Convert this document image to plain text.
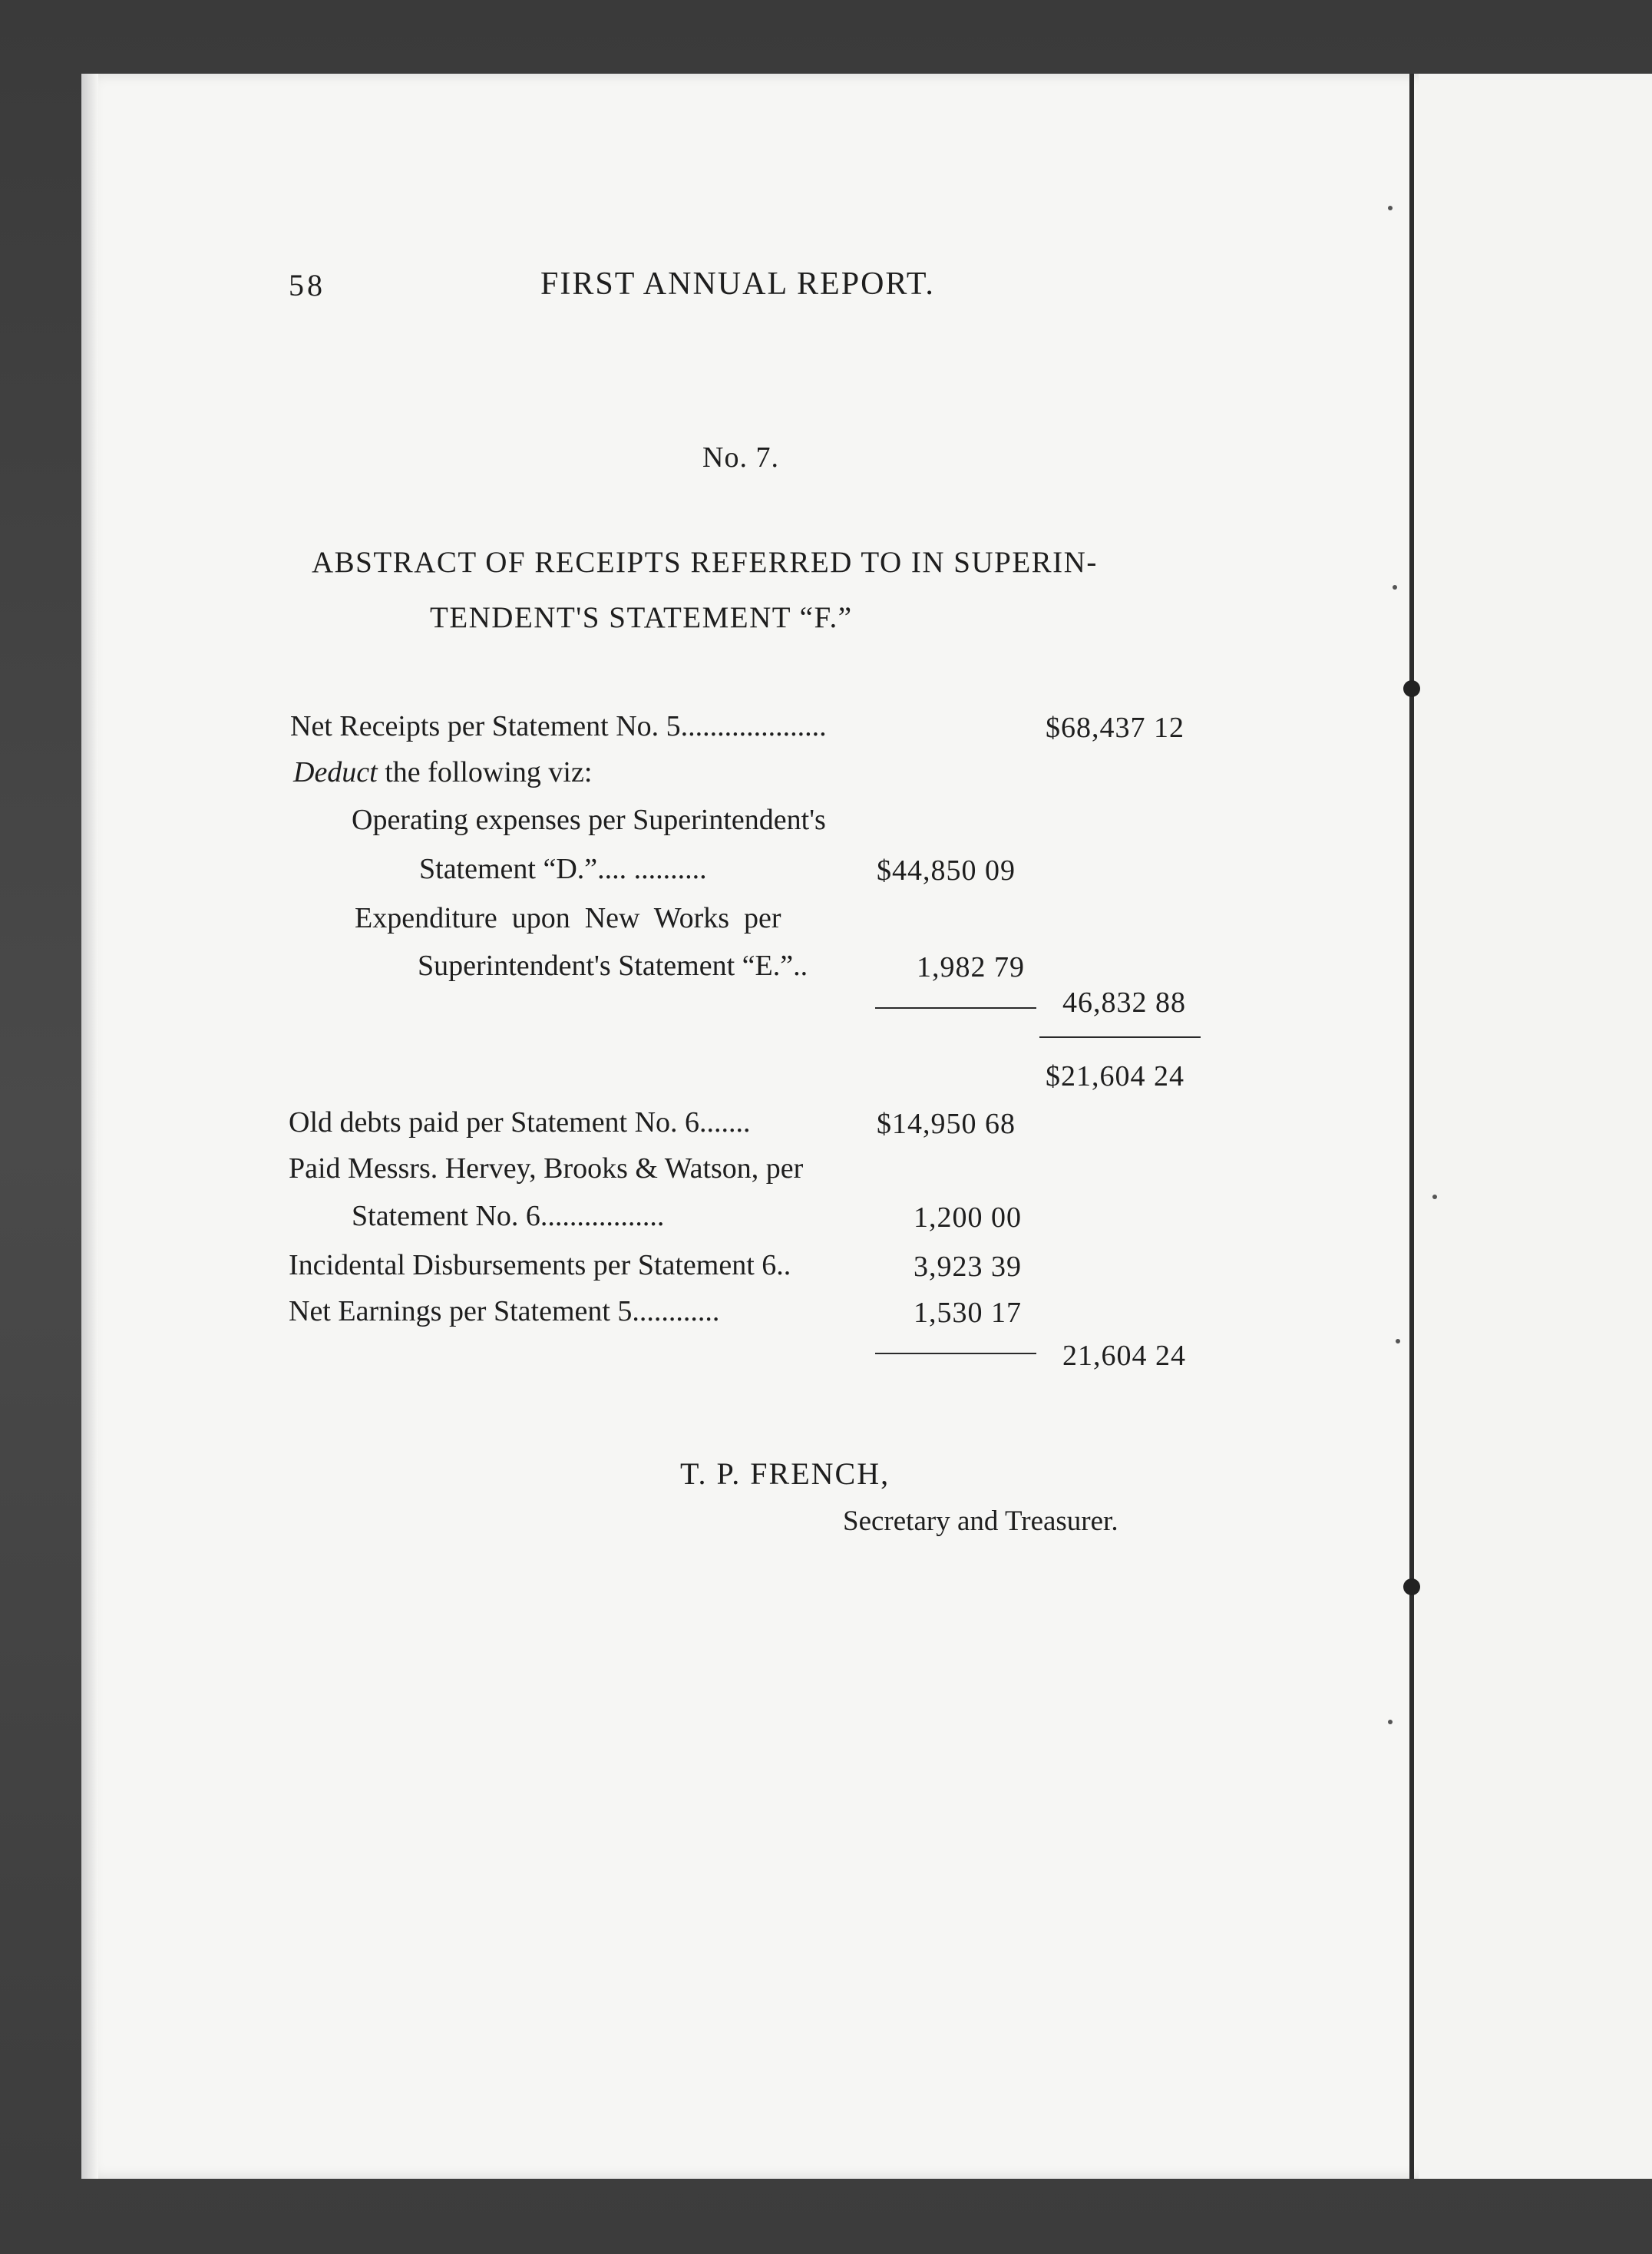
58	FIRST ANNUAL REPORT.
No. 7.
ABSTRACT OF RECEIPTS REFERRED TO IN SUPERIN-
TENDENT'S STATEMENT “F.”
Net Receipts per Statement No. 5....................	$68,437 12
Deduct the following viz:
Operating expenses per Superintendent's
Statement “D.”.... ..........	$44,850 09
Expenditure  upon  New  Works  per
Superintendent's Statement “E.”..	1,982 79
46,832 88
$21,604 24
Old debts paid per Statement No. 6.......	$14,950 68
Paid Messrs. Hervey, Brooks & Watson, per
Statement No. 6.................	1,200 00
Incidental Disbursements per Statement 6..	3,923 39
Net Earnings per Statement 5............	1,530 17
21,604 24
T. P. FRENCH,
Secretary and Treasurer.
